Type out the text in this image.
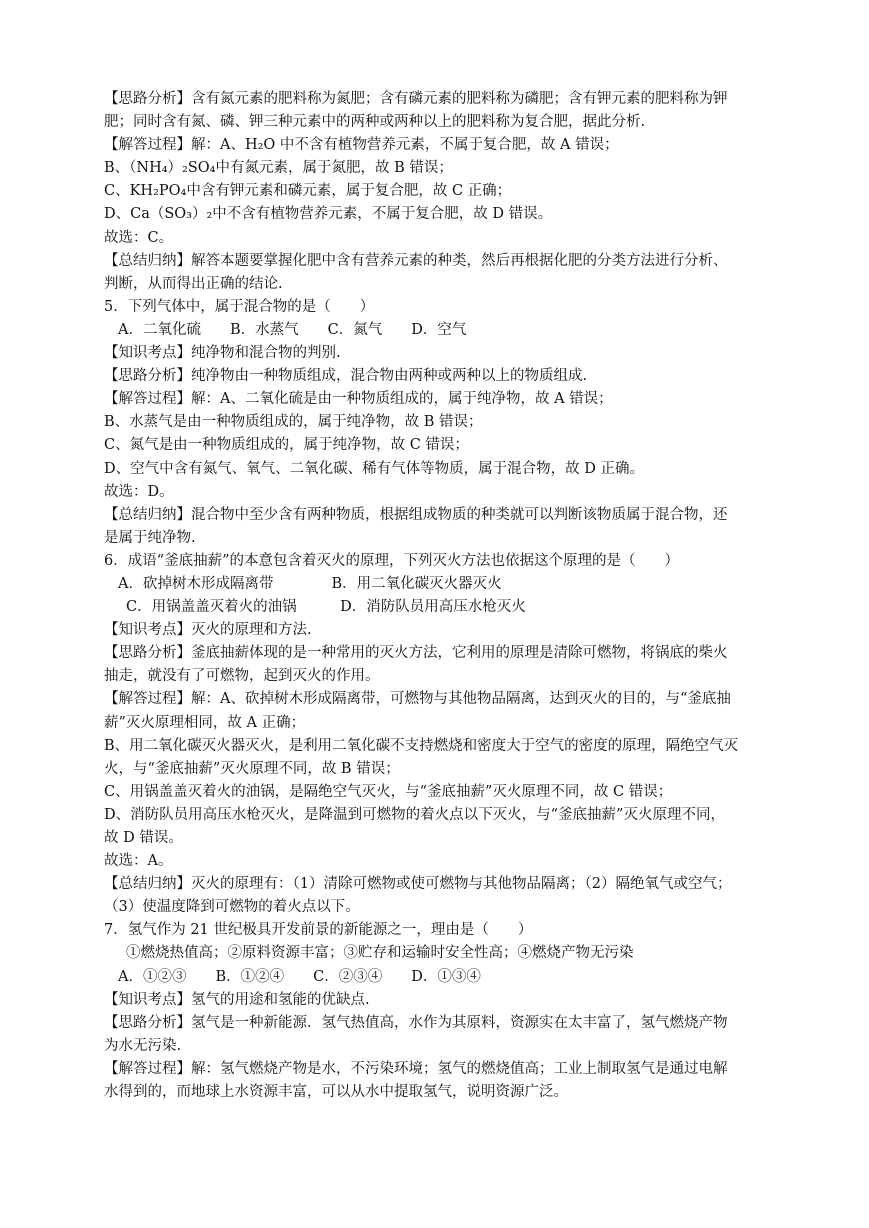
【思路分析】含有氮元素的肥料称为氮肥；含有磷元素的肥料称为磷肥；含有钾元素的肥料称为钾
肥；同时含有氮、磷、钾三种元素中的两种或两种以上的肥料称为复合肥，据此分析.
【解答过程】解：A、H₂O 中不含有植物营养元素，不属于复合肥，故 A 错误；
B、（NH₄）₂SO₄中有氮元素，属于氮肥，故 B 错误；
C、KH₂PO₄中含有钾元素和磷元素，属于复合肥，故 C 正确；
D、Ca（SO₃）₂中不含有植物营养元素，不属于复合肥，故 D 错误。
故选：C。
【总结归纳】解答本题要掌握化肥中含有营养元素的种类，然后再根据化肥的分类方法进行分析、
判断，从而得出正确的结论.
5．下列气体中，属于混合物的是（　　）
A．二氧化硫　　B．水蒸气　　C．氮气　　D．空气
【知识考点】纯净物和混合物的判别.
【思路分析】纯净物由一种物质组成，混合物由两种或两种以上的物质组成.
【解答过程】解：A、二氧化硫是由一种物质组成的，属于纯净物，故 A 错误；
B、水蒸气是由一种物质组成的，属于纯净物，故 B 错误；
C、氮气是由一种物质组成的，属于纯净物，故 C 错误；
D、空气中含有氮气、氧气、二氧化碳、稀有气体等物质，属于混合物，故 D 正确。
故选：D。
【总结归纳】混合物中至少含有两种物质，根据组成物质的种类就可以判断该物质属于混合物，还
是属于纯净物.
6．成语“釜底抽薪”的本意包含着灭火的原理，下列灭火方法也依据这个原理的是（　　）
A．砍掉树木形成隔离带　　　　B．用二氧化碳灭火器灭火
C．用锅盖盖灭着火的油锅　　　D．消防队员用高压水枪灭火
【知识考点】灭火的原理和方法.
【思路分析】釜底抽薪体现的是一种常用的灭火方法，它利用的原理是清除可燃物，将锅底的柴火
抽走，就没有了可燃物，起到灭火的作用。
【解答过程】解：A、砍掉树木形成隔离带，可燃物与其他物品隔离，达到灭火的目的，与“釜底抽
薪”灭火原理相同，故 A 正确；
B、用二氧化碳灭火器灭火，是利用二氧化碳不支持燃烧和密度大于空气的密度的原理，隔绝空气灭
火，与“釜底抽薪”灭火原理不同，故 B 错误；
C、用锅盖盖灭着火的油锅，是隔绝空气灭火，与“釜底抽薪”灭火原理不同，故 C 错误；
D、消防队员用高压水枪灭火，是降温到可燃物的着火点以下灭火，与“釜底抽薪”灭火原理不同，
故 D 错误。
故选：A。
【总结归纳】灭火的原理有：（1）清除可燃物或使可燃物与其他物品隔离；（2）隔绝氧气或空气；
（3）使温度降到可燃物的着火点以下。
7．氢气作为 21 世纪极具开发前景的新能源之一，理由是（　　）
①燃烧热值高；②原料资源丰富；③贮存和运输时安全性高；④燃烧产物无污染
A．①②③　　B．①②④　　C．②③④　　D．①③④
【知识考点】氢气的用途和氢能的优缺点.
【思路分析】氢气是一种新能源．氢气热值高，水作为其原料，资源实在太丰富了，氢气燃烧产物
为水无污染.
【解答过程】解：氢气燃烧产物是水，不污染环境；氢气的燃烧值高；工业上制取氢气是通过电解
水得到的，而地球上水资源丰富，可以从水中提取氢气，说明资源广泛。
